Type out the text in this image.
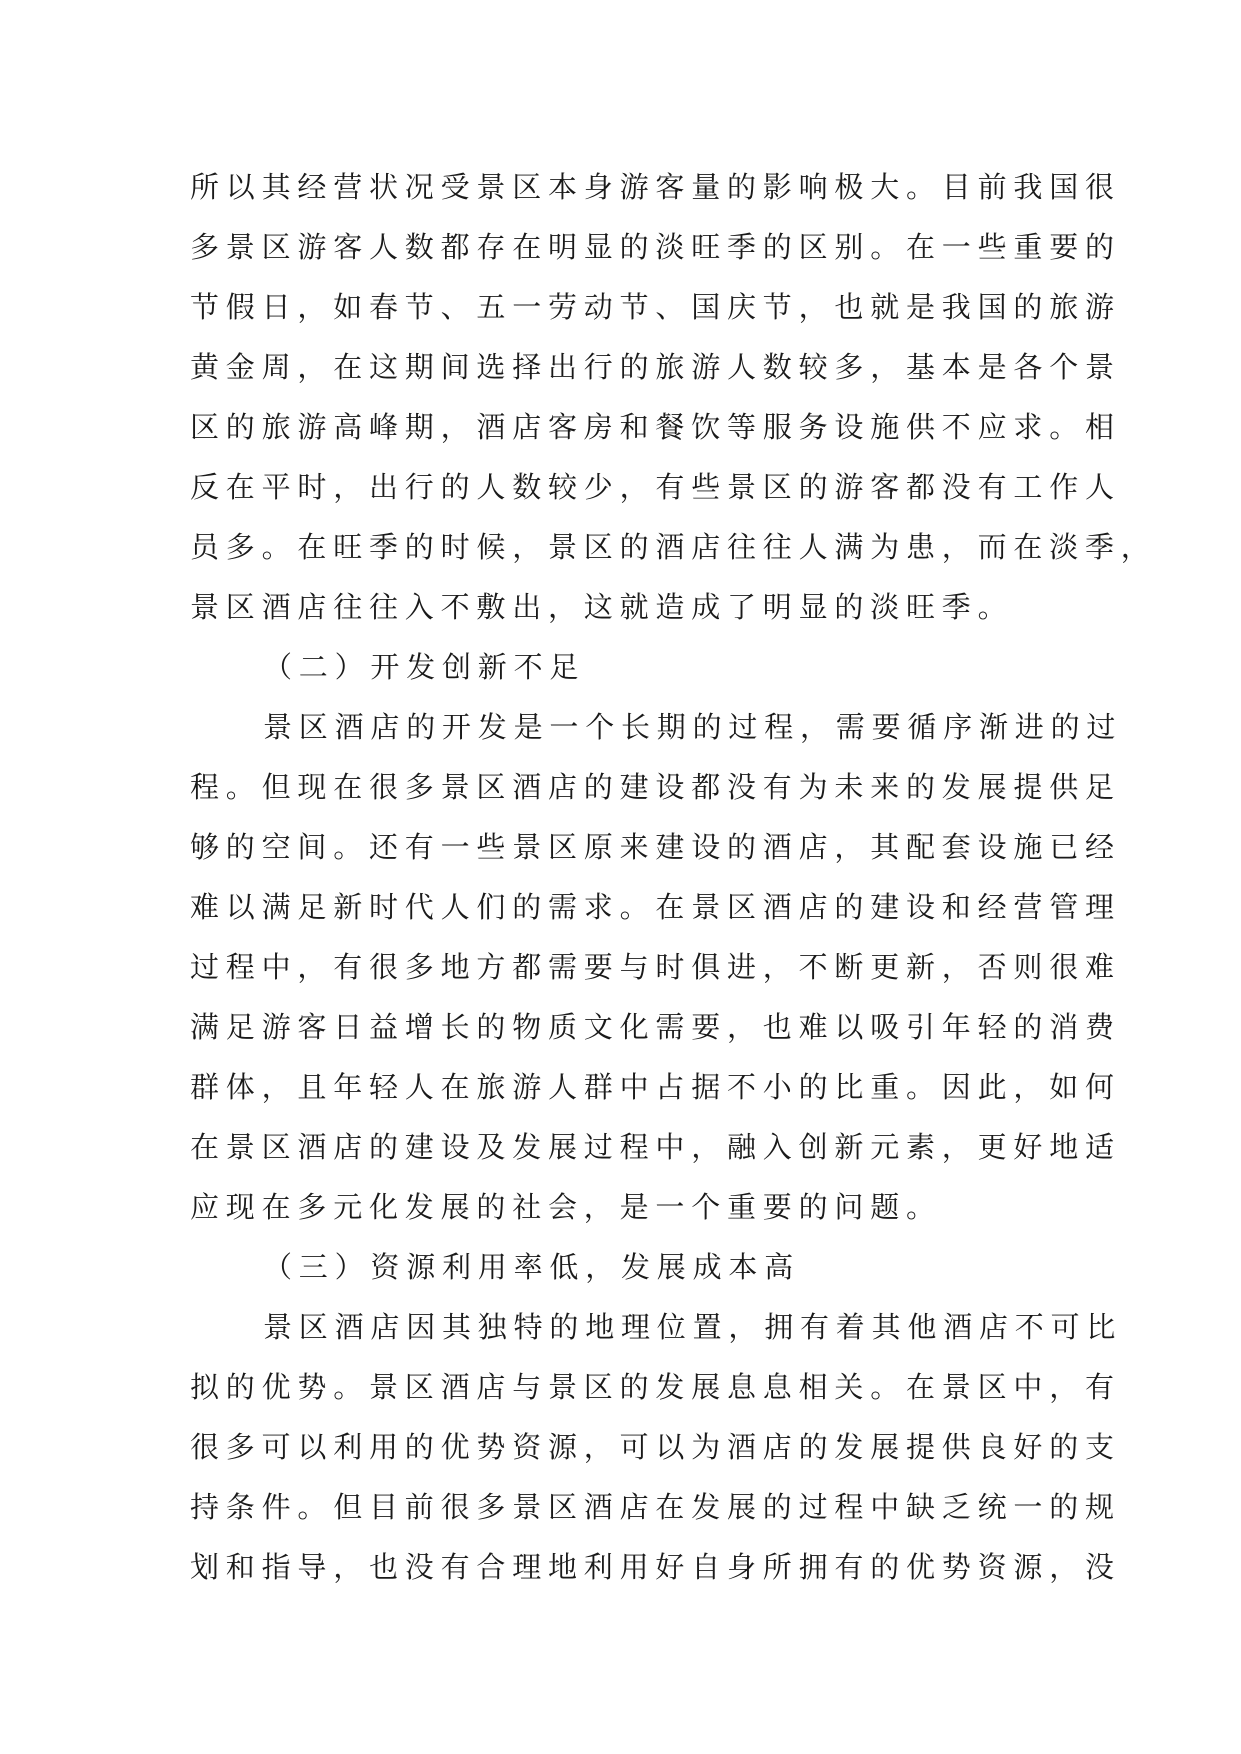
所以其经营状况受景区本身游客量的影响极大。目前我国很
多景区游客人数都存在明显的淡旺季的区别。在一些重要的
节假日，如春节、五一劳动节、国庆节，也就是我国的旅游
黄金周，在这期间选择出行的旅游人数较多，基本是各个景
区的旅游高峰期，酒店客房和餐饮等服务设施供不应求。相
反在平时，出行的人数较少，有些景区的游客都没有工作人
员多。在旺季的时候，景区的酒店往往人满为患，而在淡季，
景区酒店往往入不敷出，这就造成了明显的淡旺季。
（二）开发创新不足
景区酒店的开发是一个长期的过程，需要循序渐进的过
程。但现在很多景区酒店的建设都没有为未来的发展提供足
够的空间。还有一些景区原来建设的酒店，其配套设施已经
难以满足新时代人们的需求。在景区酒店的建设和经营管理
过程中，有很多地方都需要与时俱进，不断更新，否则很难
满足游客日益增长的物质文化需要，也难以吸引年轻的消费
群体，且年轻人在旅游人群中占据不小的比重。因此，如何
在景区酒店的建设及发展过程中，融入创新元素，更好地适
应现在多元化发展的社会，是一个重要的问题。
（三）资源利用率低，发展成本高
景区酒店因其独特的地理位置，拥有着其他酒店不可比
拟的优势。景区酒店与景区的发展息息相关。在景区中，有
很多可以利用的优势资源，可以为酒店的发展提供良好的支
持条件。但目前很多景区酒店在发展的过程中缺乏统一的规
划和指导，也没有合理地利用好自身所拥有的优势资源，没
